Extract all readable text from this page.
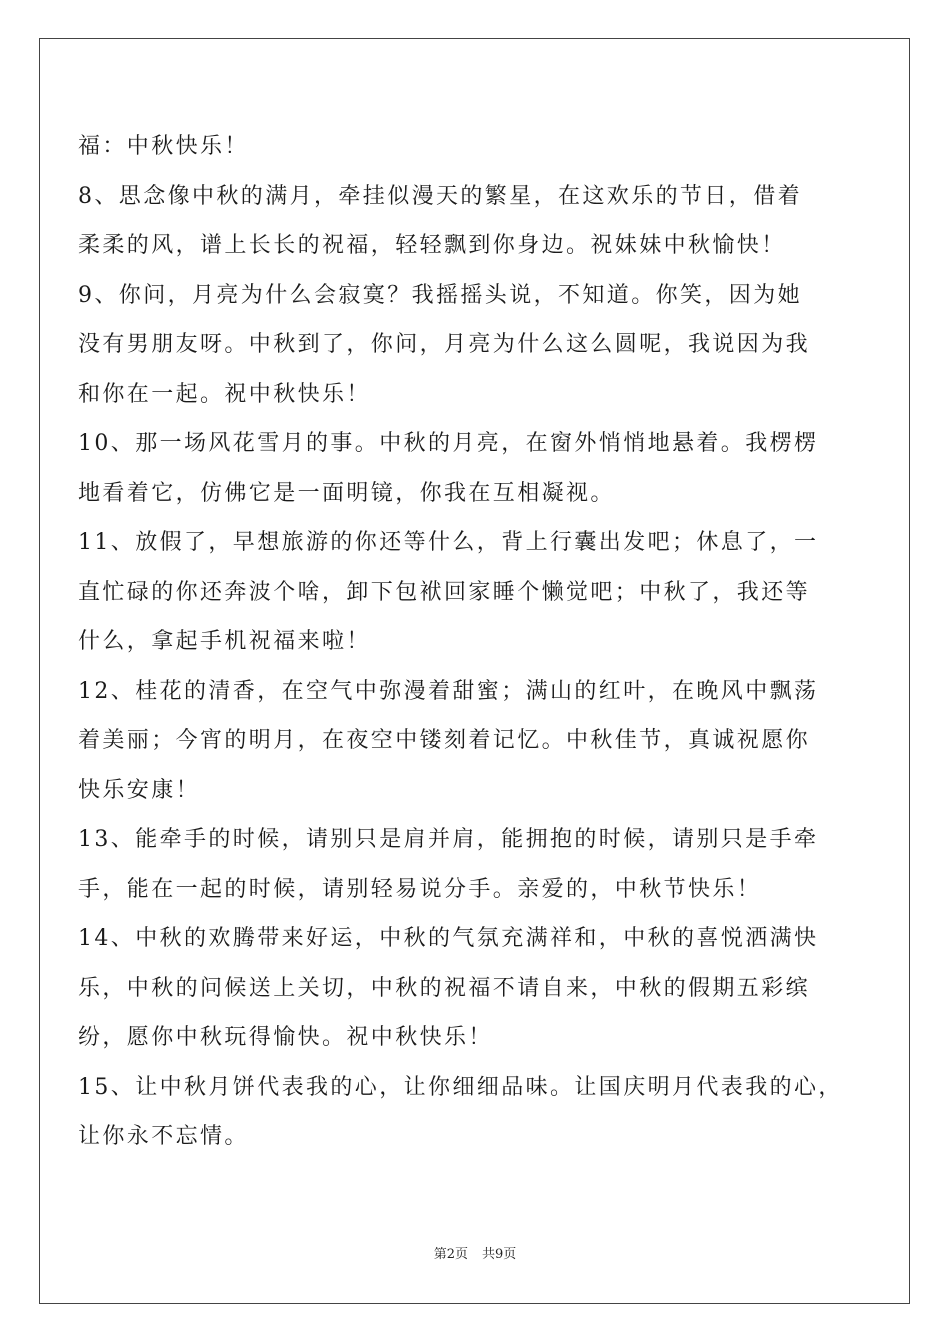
福：中秋快乐！
8、思念像中秋的满月，牵挂似漫天的繁星，在这欢乐的节日，借着
柔柔的风，谱上长长的祝福，轻轻飘到你身边。祝妹妹中秋愉快！
9、你问，月亮为什么会寂寞？我摇摇头说，不知道。你笑，因为她
没有男朋友呀。中秋到了，你问，月亮为什么这么圆呢，我说因为我
和你在一起。祝中秋快乐！
10、那一场风花雪月的事。中秋的月亮，在窗外悄悄地悬着。我楞楞
地看着它，仿佛它是一面明镜，你我在互相凝视。
11、放假了，早想旅游的你还等什么，背上行囊出发吧；休息了，一
直忙碌的你还奔波个啥，卸下包袱回家睡个懒觉吧；中秋了，我还等
什么，拿起手机祝福来啦！
12、桂花的清香，在空气中弥漫着甜蜜；满山的红叶，在晚风中飘荡
着美丽；今宵的明月，在夜空中镂刻着记忆。中秋佳节，真诚祝愿你
快乐安康！
13、能牵手的时候，请别只是肩并肩，能拥抱的时候，请别只是手牵
手，能在一起的时候，请别轻易说分手。亲爱的，中秋节快乐！
14、中秋的欢腾带来好运，中秋的气氛充满祥和，中秋的喜悦洒满快
乐，中秋的问候送上关切，中秋的祝福不请自来，中秋的假期五彩缤
纷，愿你中秋玩得愉快。祝中秋快乐！
15、让中秋月饼代表我的心，让你细细品味。让国庆明月代表我的心，
让你永不忘情。
第2页 共9页
